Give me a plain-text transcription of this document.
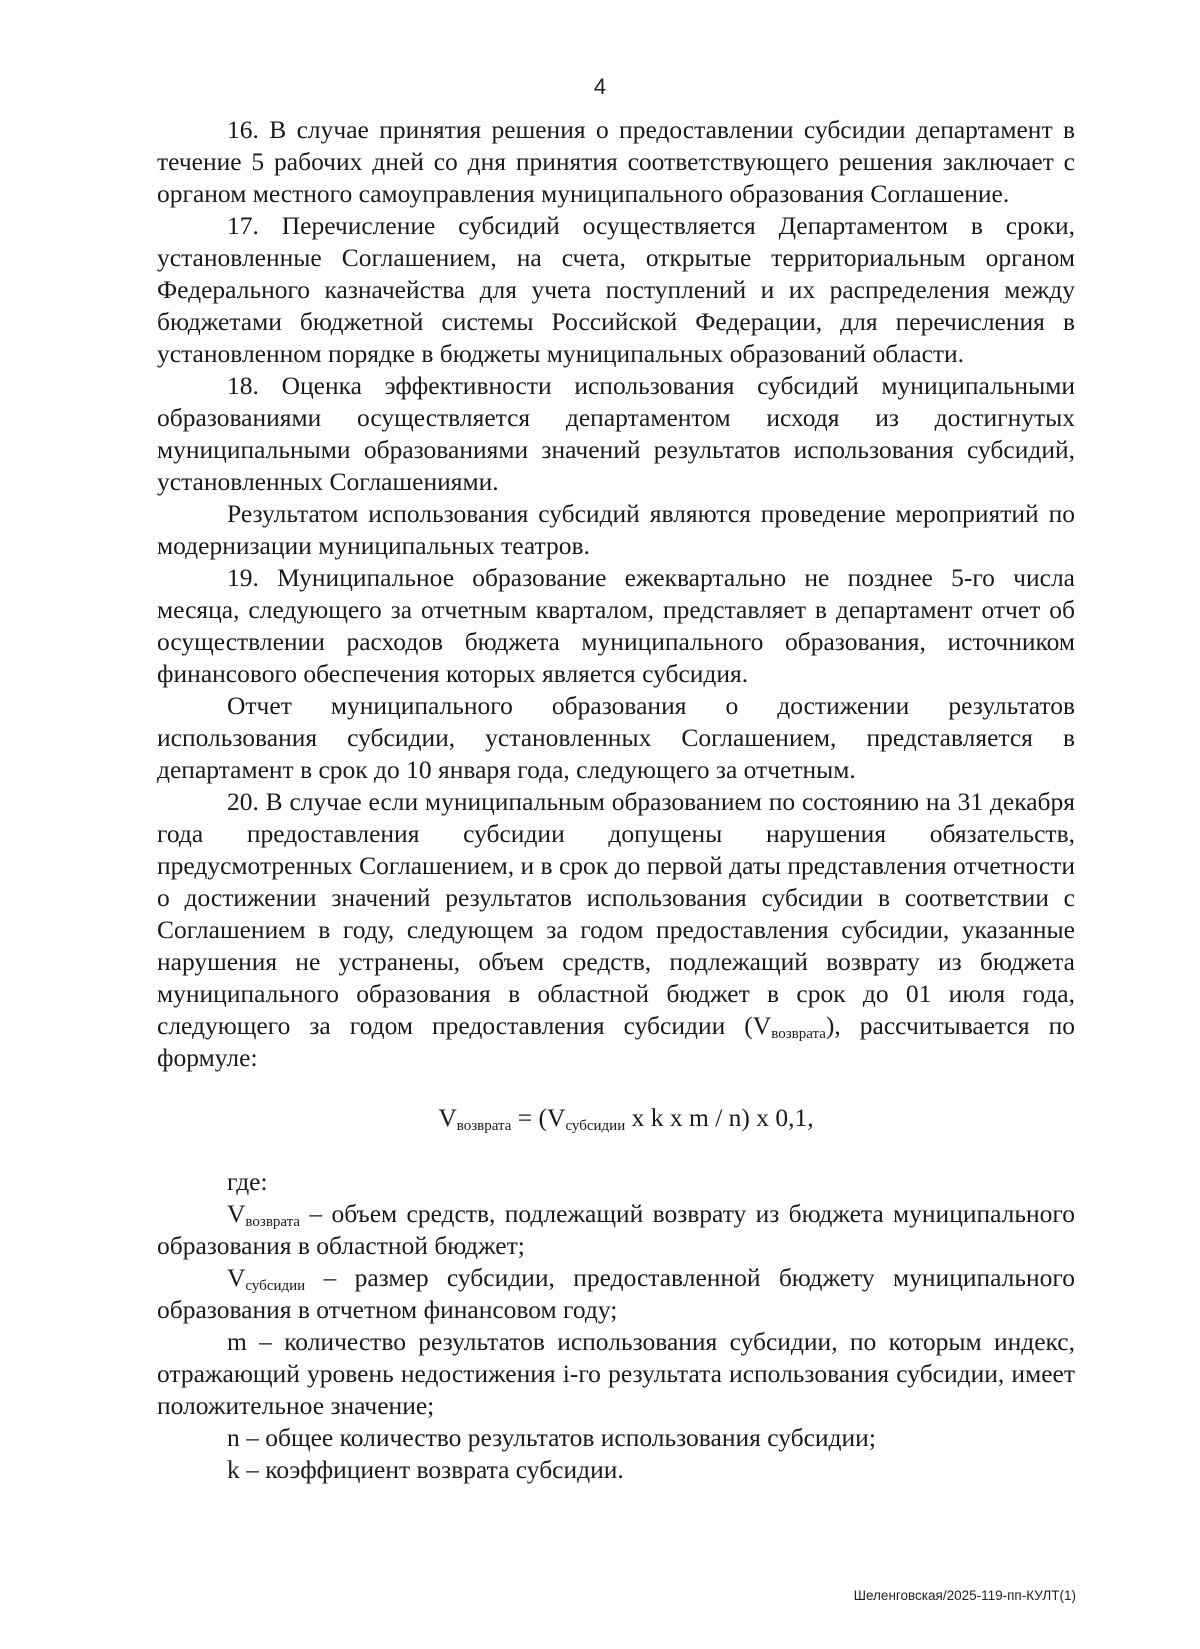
4

16. В случае принятия решения о предоставлении субсидии департамент в течение 5 рабочих дней со дня принятия соответствующего решения заключает с органом местного самоуправления муниципального образования Соглашение.

17. Перечисление субсидий осуществляется Департаментом в сроки, установленные Соглашением, на счета, открытые территориальным органом Федерального казначейства для учета поступлений и их распределения между бюджетами бюджетной системы Российской Федерации, для перечисления в установленном порядке в бюджеты муниципальных образований области.

18. Оценка эффективности использования субсидий муниципальными образованиями осуществляется департаментом исходя из достигнутых муниципальными образованиями значений результатов использования субсидий, установленных Соглашениями.

Результатом использования субсидий являются проведение мероприятий по модернизации муниципальных театров.

19. Муниципальное образование ежеквартально не позднее 5-го числа месяца, следующего за отчетным кварталом, представляет в департамент отчет об осуществлении расходов бюджета муниципального образования, источником финансового обеспечения которых является субсидия.

Отчет муниципального образования о достижении результатов использования субсидии, установленных Соглашением, представляется в департамент в срок до 10 января года, следующего за отчетным.

20. В случае если муниципальным образованием по состоянию на 31 декабря года предоставления субсидии допущены нарушения обязательств, предусмотренных Соглашением, и в срок до первой даты представления отчетности о достижении значений результатов использования субсидии в соответствии с Соглашением в году, следующем за годом предоставления субсидии, указанные нарушения не устранены, объем средств, подлежащий возврату из бюджета муниципального образования в областной бюджет в срок до 01 июля года, следующего за годом предоставления субсидии $(V_{возврата})$, рассчитывается по формуле:

$V_{возврата} = (V_{субсидии}$ x k x m / n) x 0,1,

где:

$V_{возврата}$ – объем средств, подлежащий возврату из бюджета муниципального образования в областной бюджет;

$V_{субсидии}$ – размер субсидии, предоставленной бюджету муниципального образования в отчетном финансовом году;

m – количество результатов использования субсидии, по которым индекс, отражающий уровень недостижения i-го результата использования субсидии, имеет положительное значение;

n – общее количество результатов использования субсидии;

k – коэффициент возврата субсидии.

Шеленговская/2025-119-пп-КУЛТ(1)
